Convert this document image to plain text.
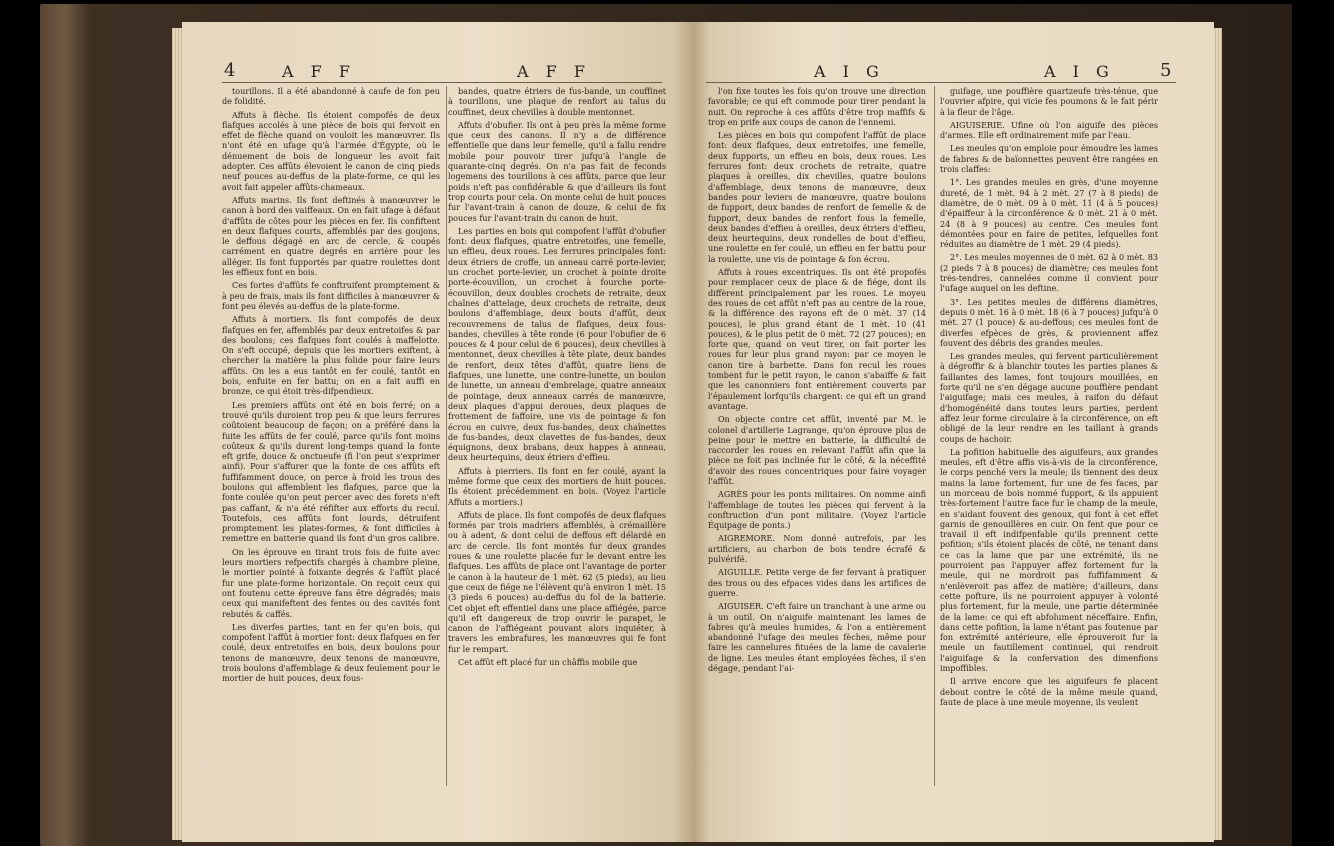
4	A F F	A F F

tourillons. Il a été abandonné à caufe de fon peu de folidité.

Affuts à flèche. Ils étoient compofés de deux flafques accolés à une pièce de bois qui fervoit en effet de flèche quand on vouloit les manœuvrer. Ils n'ont été en ufage qu'à l'armée d'Égypte, où le dénuement de bois de longueur les avoit fait adopter. Ces affûts élevoient le canon de cinq pieds neuf pouces au-deffus de la plate-forme, ce qui les avoit fait appeler affûts-chameaux.

Affuts marins. Ils font deftinés à manœuvrer le canon à bord des vaiffeaux. On en fait ufage à défaut d'affûts de côtes pour les pièces en fer. Ils confiftent en deux flafques courts, affemblés par des goujons, le deffous dégagé en arc de cercle, & coupés carrément en quatre degrés en arrière pour les alléger. Ils font fupportés par quatre roulettes dont les effieux font en bois.

Ces fortes d'affûts fe conftruifent promptement & à peu de frais, mais ils font difficiles à manœuvrer & font peu élevés au-deffus de la plate-forme.

Affuts à mortiers. Ils font compofés de deux flafques en fer, affemblés par deux entretoifes & par des boulons; ces flafques font coulés à maffelotte. On s'eft occupé, depuis que les mortiers exiftent, à chercher la matière la plus folide pour faire leurs affûts. On les a eus tantôt en fer coulé, tantôt en bois, enfuite en fer battu; on en a fait auffi en bronze, ce qui étoit très-difpendieux.

Les premiers affûts ont été en bois ferré; on a trouvé qu'ils duroient trop peu & que leurs ferrures coûtoient beaucoup de façon; on a préféré dans la fuite les affûts de fer coulé, parce qu'ils font moins coûteux & qu'ils durent long-temps quand la fonte eft grife, douce & onctueufe (fi l'on peut s'exprimer ainfi). Pour s'affurer que la fonte de ces affûts eft fuffifamment douce, on perce à froid les trous des boulons qui affemblent les flafques, parce que la fonte coulée qu'on peut percer avec des forets n'eft pas caffant, & n'a été réfifter aux efforts du recul. Toutefois, ces affûts font lourds, détruifent promptement les plates-formes, & font difficiles à remettre en batterie quand ils font d'un gros calibre.

On les éprouve en tirant trois fois de fuite avec leurs mortiers refpectifs chargés à chambre pleine, le mortier pointé à foixante degrés & l'affût placé fur une plate-forme horizontale. On reçoit ceux qui ont foutenu cette épreuve fans être dégradés; mais ceux qui manifeftent des fentes ou des cavités font rebutés & caffés.

Les diverfes parties, tant en fer qu'en bois, qui compofent l'affût à mortier font: deux flafques en fer coulé, deux entretoifes en bois, deux boulons pour tenons de manœuvre, deux tenons de manœuvre, trois boulons d'affemblage & deux feulement pour le mortier de huit pouces, deux fous-

bandes, quatre étriers de fus-bande, un couffinet à tourillons, une plaque de renfort au talus du couffinet, deux chevilles à double mentonnet.

Affuts d'obufier. Ils ont à peu près la même forme que ceux des canons. Il n'y a de différence effentielle que dans leur femelle, qu'il a fallu rendre mobile pour pouvoir tirer jufqu'à l'angle de quarante-cinq degrés. On n'a pas fait de feconds logemens des tourillons à ces affûts, parce que leur poids n'eft pas confidérable & que d'ailleurs ils font trop courts pour cela. On monte celui de huit pouces fur l'avant-train à canon de douze, & celui de fix pouces fur l'avant-train du canon de huit.

Les parties en bois qui compofent l'affût d'obufier font: deux flafques, quatre entretoifes, une femelle, un effieu, deux roues. Les ferrures principales font: deux étriers de croffe, un anneau carré porte-levier, un crochet porte-levier, un crochet à pointe droite porte-écouvillon, un crochet à fourche porte-écouvillon, deux doubles crochets de retraite, deux chaînes d'attelage, deux crochets de retraite, deux boulons d'affemblage, deux bouts d'affût, deux recouvremens de talus de flafques, deux fous-bandes, chevilles à tête ronde (6 pour l'obufier de 6 pouces & 4 pour celui de 6 pouces), deux chevilles à mentonnet, deux chevilles à tête plate, deux bandes de renfort, deux têtes d'affût, quatre liens de flafques, une lunette, une contre-lunette, un boulon de lunette, un anneau d'embrelage, quatre anneaux de pointage, deux anneaux carrés de manœuvre, deux plaques d'appui deroues, deux plaques de frottement de faffoire, une vis de pointage & fon écrou en cuivre, deux fus-bandes, deux chaînettes de fus-bandes, deux clavettes de fus-bandes, deux équignons, deux brabans, deux happes à anneau, deux heurtequins, deux étriers d'effieu.

Affuts à pierriers. Ils font en fer coulé, ayant la même forme que ceux des mortiers de huit pouces. Ils étoient précédemment en bois. (Voyez l'article Affuts a mortiers.)

Affuts de place. Ils font compofés de deux flafques formés par trois madriers affemblés, à crémaillère ou à adent, & dont celui de deffous eft délardé en arc de cercle. Ils font montés fur deux grandes roues & une roulette placée fur le devant entre les flafques. Les affûts de place ont l'avantage de porter le canon à la hauteur de 1 mèt. 62 (5 pieds), au lieu que ceux de fiége ne l'élèvent qu'à environ 1 mèt. 15 (3 pieds 6 pouces) au-deffus du fol de la batterie. Cet objet eft effentiel dans une place affiégée, parce qu'il eft dangereux de trop ouvrir le parapet, le canon de l'affiégeant pouvant alors inquiéter, à travers les embrafures, les manœuvres qui fe font fur le rempart.

Cet affût eft placé fur un châffis mobile que

A I G	A I G	5

l'on fixe toutes les fois qu'on trouve une direction favorable; ce qui eft commode pour tirer pendant la nuit. On reproche à ces affûts d'être trop maffifs & trop en prife aux coups de canon de l'ennemi.

Les pièces en bois qui compofent l'affût de place font: deux flafques, deux entretoifes, une femelle, deux fupports, un effieu en bois, deux roues. Les ferrures font: deux crochets de retraite, quatre plaques à oreilles, dix chevilles, quatre boulons d'affemblage, deux tenons de manœuvre, deux bandes pour leviers de manœuvre, quatre boulons de fupport, deux bandes de renfort de femelle & de fupport, deux bandes de renfort fous la femelle, deux bandes d'effieu à oreilles, deux étriers d'effieu, deux heurtequins, deux rondelles de bout d'effieu, une roulette en fer coulé, un effieu en fer battu pour la roulette, une vis de pointage & fon écrou.

Affuts à roues excentriques. Ils ont été propofés pour remplacer ceux de place & de fiége, dont ils diffèrent principalement par les roues. Le moyeu des roues de cet affût n'eft pas au centre de la roue, & la différence des rayons eft de 0 mèt. 37 (14 pouces), le plus grand étant de 1 mèt. 10 (41 pouces), & le plus petit de 0 mèt. 72 (27 pouces); en forte que, quand on veut tirer, on fait porter les roues fur leur plus grand rayon: par ce moyen le canon tire à barbette. Dans fon recul les roues tombent fur le petit rayon, le canon s'abaiffe & fait que les canonniers font entièrement couverts par l'épaulement lorfqu'ils chargent: ce qui eft un grand avantage.

On objecte contre cet affût, inventé par M. le colonel d'artillerie Lagrange, qu'on éprouve plus de peine pour le mettre en batterie, la difficulté de raccorder les roues en relevant l'affût afin que la pièce ne foit pas inclinée fur le côté, & la néceffité d'avoir des roues concentriques pour faire voyager l'affût.

AGRÈS pour les ponts militaires. On nomme ainfi l'affemblage de toutes les pièces qui fervent à la conftruction d'un pont militaire. (Voyez l'article Équipage de ponts.)

AIGREMORE. Nom donné autrefois, par les artificiers, au charbon de bois tendre écrafé & pulvérifé.

AIGUILLE. Petite verge de fer fervant à pratiquer des trous ou des efpaces vides dans les artifices de guerre.

AIGUISER. C'eft faire un tranchant à une arme ou à un outil. On n'aiguife maintenant les lames de fabres qu'à meules humides, & l'on a entièrement abandonné l'ufage des meules fèches, même pour faire les cannelures fituées de la lame de cavalerie de ligne. Les meules étant employées fèches, il s'en dégage, pendant l'ai-

guifage, une pouffière quartzeufe très-ténue, que l'ouvrier afpire, qui vicie fes poumons & le fait périr à la fleur de l'âge.

AIGUISERIE. Ufine où l'on aiguife des pièces d'armes. Elle eft ordinairement mife par l'eau.

Les meules qu'on emploie pour émoudre les lames de fabres & de baïonnettes peuvent être rangées en trois claffes:

1°. Les grandes meules en grès, d'une moyenne dureté, de 1 mèt. 94 à 2 mèt. 27 (7 à 8 pieds) de diamètre, de 0 mèt. 09 à 0 mèt. 11 (4 à 5 pouces) d'épaiffeur à la circonférence & 0 mèt. 21 à 0 mèt. 24 (8 à 9 pouces) au centre. Ces meules font démontées pour en faire de petites, lefquelles font réduites au diamètre de 1 mèt. 29 (4 pieds).

2°. Les meules moyennes de 0 mèt. 62 à 0 mèt. 83 (2 pieds 7 à 8 pouces) de diamètre; ces meules font très-tendres, cannelées comme il convient pour l'ufage auquel on les deftine.

3°. Les petites meules de différens diamètres, depuis 0 mèt. 16 à 0 mèt. 18 (6 à 7 pouces) jufqu'à 0 mèt. 27 (1 pouce) & au-deffous; ces meules font de diverfes efpèces de grès, & proviennent affez fouvent des débris des grandes meules.

Les grandes meules, qui fervent particulièrement à dégroffir & à blanchir toutes les parties planes & faillantes des lames, font toujours mouillées, en forte qu'il ne s'en dégage aucune pouffière pendant l'aiguifage; mais ces meules, à raifon du défaut d'homogénéité dans toutes leurs parties, perdent affez leur forme circulaire à la circonférence, on eft obligé de la leur rendre en les taillant à grands coups de hachoir.

La pofition habituelle des aiguifeurs, aux grandes meules, eft d'être affis vis-à-vis de la circonférence, le corps penché vers la meule; ils tiennent des deux mains la lame fortement, fur une de fes faces, par un morceau de bois nommé fupport, & ils appuient très-fortement l'autre face fur le champ de la meule, en s'aidant fouvent des genoux, qui font à cet effet garnis de genouillères en cuir. On fent que pour ce travail il eft indifpenfable qu'ils prennent cette pofition; s'ils étoient placés de côté, ne tenant dans ce cas la lame que par une extrémité, ils ne pourroient pas l'appuyer affez fortement fur la meule, qui ne mordroit pas fuffifamment & n'enlèveroit pas affez de matière; d'ailleurs, dans cette pofture, ils ne pourroient appuyer à volonté plus fortement, fur la meule, une partie déterminée de la lame: ce qui eft abfolument néceffaire. Enfin, dans cette pofition, la lame n'étant pas foutenue par fon extrémité antérieure, elle éprouveroit fur la meule un fautillement continuel, qui rendroit l'aiguifage & la confervation des dimenfions impoffibles.

Il arrive encore que les aiguifeurs fe placent debout contre le côté de la même meule quand, faute de place à une meule moyenne, ils veulent
